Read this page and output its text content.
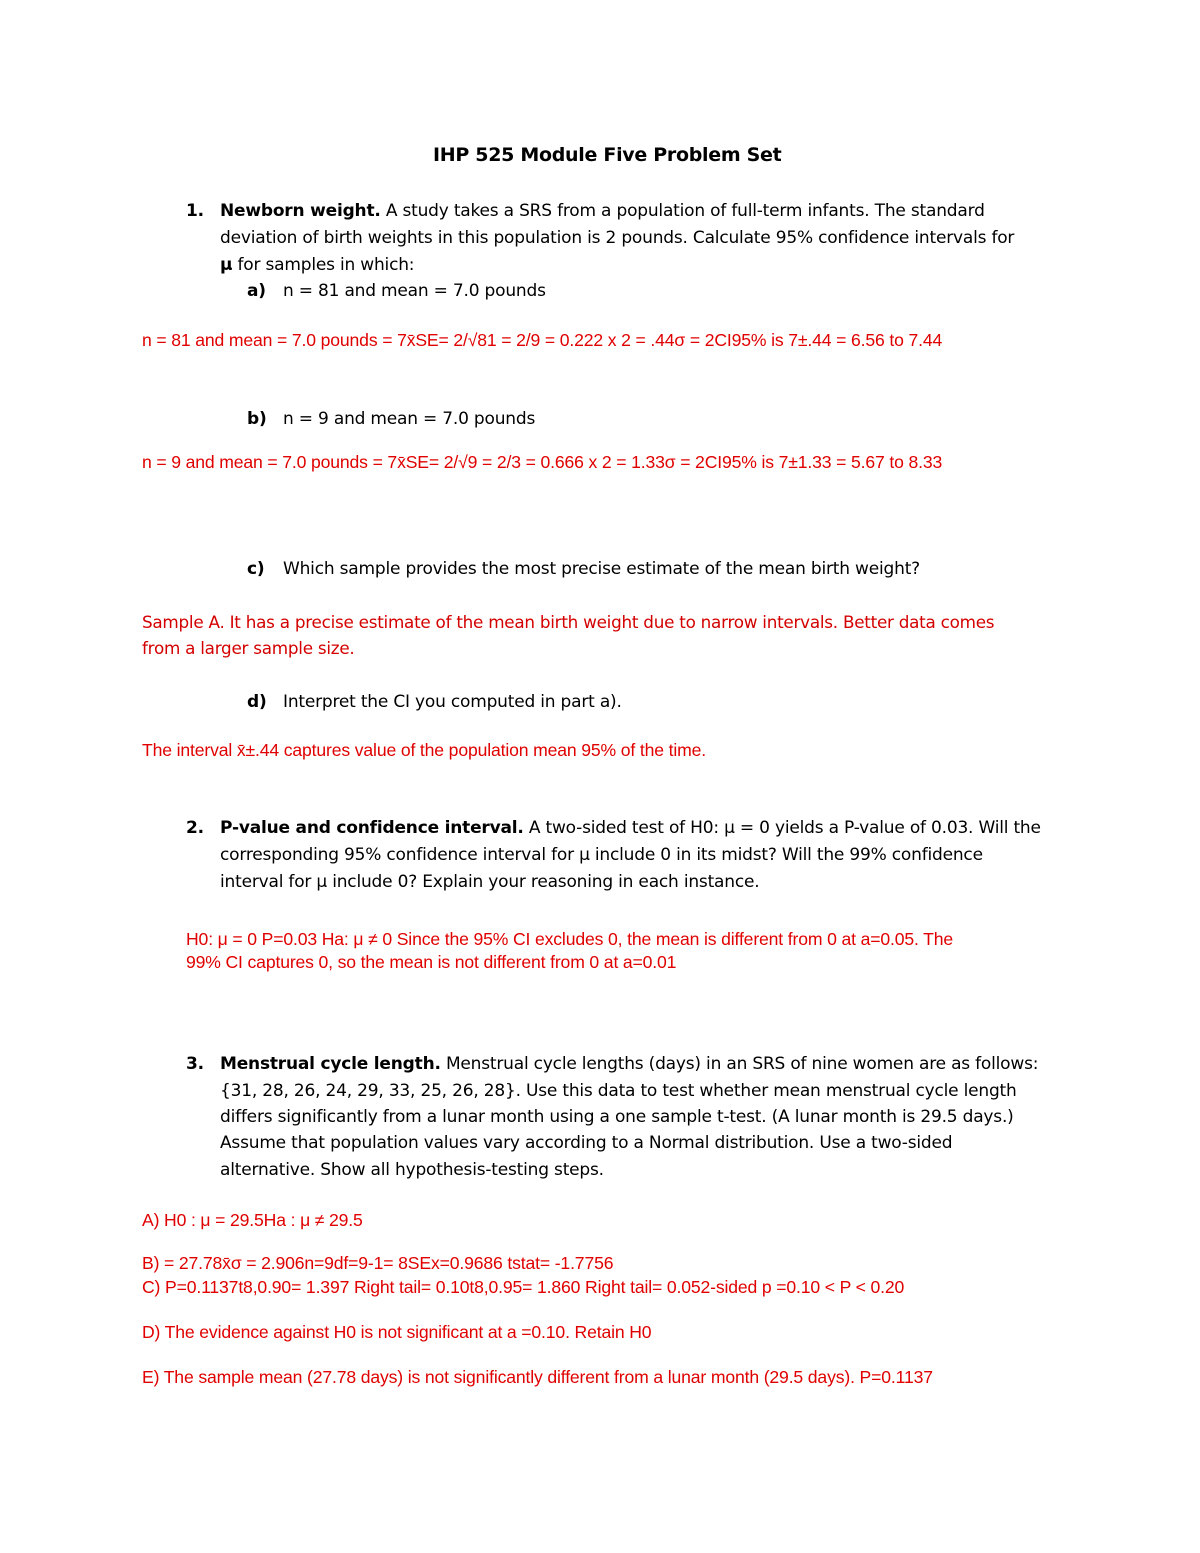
IHP 525 Module Five Problem Set
1. Newborn weight. A study takes a SRS from a population of full-term infants. The standard
deviation of birth weights in this population is 2 pounds. Calculate 95% confidence intervals for
μ for samples in which:
a) n = 81 and mean = 7.0 pounds
n = 81 and mean = 7.0 pounds = 7x̄SE= 2/√81 = 2/9 = 0.222 x 2 = .44σ = 2CI95% is 7±.44 = 6.56 to 7.44
b) n = 9 and mean = 7.0 pounds
n = 9 and mean = 7.0 pounds = 7x̄SE= 2/√9 = 2/3 = 0.666 x 2 = 1.33σ = 2CI95% is 7±1.33 = 5.67 to 8.33
c) Which sample provides the most precise estimate of the mean birth weight?
Sample A. It has a precise estimate of the mean birth weight due to narrow intervals. Better data comes
from a larger sample size.
d) Interpret the CI you computed in part a).
The interval x̄±.44 captures value of the population mean 95% of the time.
2. P-value and confidence interval. A two-sided test of H0: μ = 0 yields a P-value of 0.03. Will the
corresponding 95% confidence interval for μ include 0 in its midst? Will the 99% confidence
interval for μ include 0? Explain your reasoning in each instance.
H0: μ = 0 P=0.03 Ha: μ ≠ 0 Since the 95% CI excludes 0, the mean is different from 0 at a=0.05. The
99% CI captures 0, so the mean is not different from 0 at a=0.01
3. Menstrual cycle length. Menstrual cycle lengths (days) in an SRS of nine women are as follows:
{31, 28, 26, 24, 29, 33, 25, 26, 28}. Use this data to test whether mean menstrual cycle length
differs significantly from a lunar month using a one sample t-test. (A lunar month is 29.5 days.)
Assume that population values vary according to a Normal distribution. Use a two-sided
alternative. Show all hypothesis-testing steps.
A) H0 : μ = 29.5Ha : μ ≠ 29.5
B) = 27.78x̄σ = 2.906n=9df=9-1= 8SEx=0.9686 tstat= -1.7756
C) P=0.1137t8,0.90= 1.397 Right tail= 0.10t8,0.95= 1.860 Right tail= 0.052-sided p =0.10 < P < 0.20
D) The evidence against H0 is not significant at a =0.10. Retain H0
E) The sample mean (27.78 days) is not significantly different from a lunar month (29.5 days). P=0.1137
